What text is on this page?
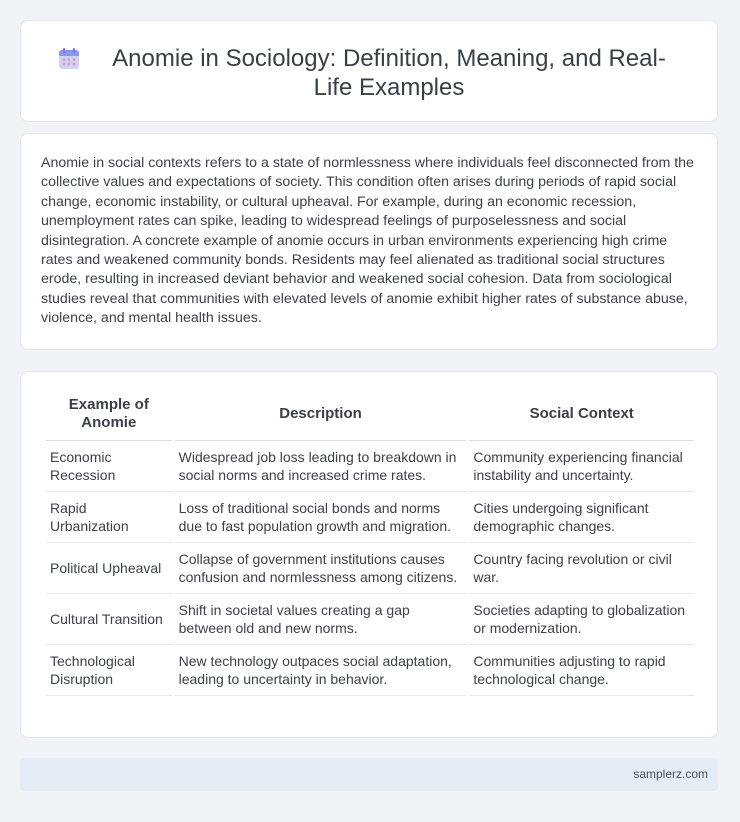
Anomie in Sociology: Definition, Meaning, and Real-Life Examples

Anomie in social contexts refers to a state of normlessness where individuals feel disconnected from the collective values and expectations of society. This condition often arises during periods of rapid social change, economic instability, or cultural upheaval. For example, during an economic recession, unemployment rates can spike, leading to widespread feelings of purposelessness and social disintegration. A concrete example of anomie occurs in urban environments experiencing high crime rates and weakened community bonds. Residents may feel alienated as traditional social structures erode, resulting in increased deviant behavior and weakened social cohesion. Data from sociological studies reveal that communities with elevated levels of anomie exhibit higher rates of substance abuse, violence, and mental health issues.

Example of Anomie	Description	Social Context
Economic Recession	Widespread job loss leading to breakdown in social norms and increased crime rates.	Community experiencing financial instability and uncertainty.
Rapid Urbanization	Loss of traditional social bonds and norms due to fast population growth and migration.	Cities undergoing significant demographic changes.
Political Upheaval	Collapse of government institutions causes confusion and normlessness among citizens.	Country facing revolution or civil war.
Cultural Transition	Shift in societal values creating a gap between old and new norms.	Societies adapting to globalization or modernization.
Technological Disruption	New technology outpaces social adaptation, leading to uncertainty in behavior.	Communities adjusting to rapid technological change.
samplerz.com
